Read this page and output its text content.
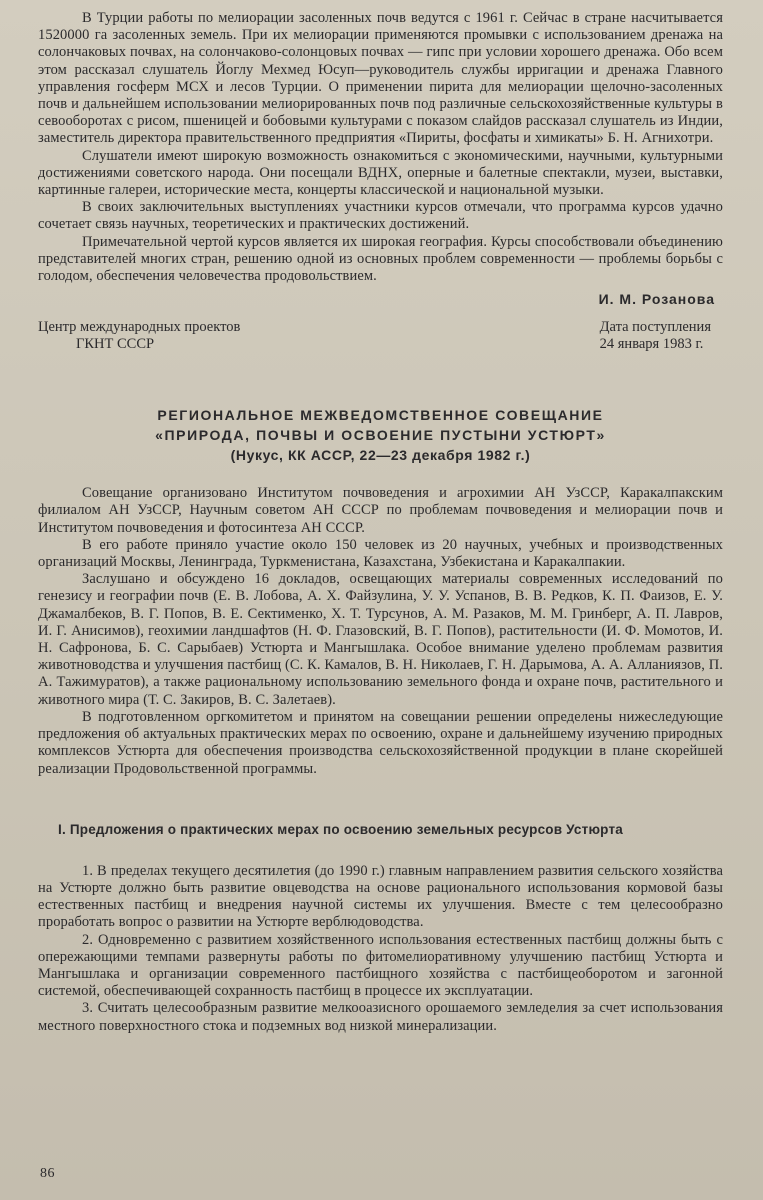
В Турции работы по мелиорации засоленных почв ведутся с 1961 г. Сейчас в стране насчитывается 1520000 га засоленных земель. При их мелиорации применяются промывки с использованием дренажа на солончаковых почвах, на солончаково-солонцовых почвах — гипс при условии хорошего дренажа. Обо всем этом рассказал слушатель Йоглу Мехмед Юсуп—руководитель службы ирригации и дренажа Главного управления госферм МСХ и лесов Турции. О применении пирита для мелиорации щелочно-засоленных почв и дальнейшем использовании мелиорированных почв под различные сельскохозяйственные культуры в севооборотах с рисом, пшеницей и бобовыми культурами с показом слайдов рассказал слушатель из Индии, заместитель директора правительственного предприятия «Пириты, фосфаты и химикаты» Б. Н. Агнихотри.

Слушатели имеют широкую возможность ознакомиться с экономическими, научными, культурными достижениями советского народа. Они посещали ВДНХ, оперные и балетные спектакли, музеи, выставки, картинные галереи, исторические места, концерты классической и национальной музыки.

В своих заключительных выступлениях участники курсов отмечали, что программа курсов удачно сочетает связь научных, теоретических и практических достижений.

Примечательной чертой курсов является их широкая география. Курсы способствовали объединению представителей многих стран, решению одной из основных проблем современности — проблемы борьбы с голодом, обеспечения человечества продовольствием.

И. М. Розанова
Центр международных проектов
ГКНТ СССР
Дата поступления
24 января 1983 г.
РЕГИОНАЛЬНОЕ МЕЖВЕДОМСТВЕННОЕ СОВЕЩАНИЕ
«ПРИРОДА, ПОЧВЫ И ОСВОЕНИЕ ПУСТЫНИ УСТЮРТ»
(Нукус, КК АССР, 22—23 декабря 1982 г.)

Совещание организовано Институтом почвоведения и агрохимии АН УзССР, Каракалпакским филиалом АН УзССР, Научным советом АН СССР по проблемам почвоведения и мелиорации почв и Институтом почвоведения и фотосинтеза АН СССР.

В его работе приняло участие около 150 человек из 20 научных, учебных и производственных организаций Москвы, Ленинграда, Туркменистана, Казахстана, Узбекистана и Каракалпакии.

Заслушано и обсуждено 16 докладов, освещающих материалы современных исследований по генезису и географии почв (Е. В. Лобова, А. Х. Файзулина, У. У. Успанов, В. В. Редков, К. П. Фаизов, Е. У. Джамалбеков, В. Г. Попов, В. Е. Сектименко, Х. Т. Турсунов, А. М. Разаков, М. М. Гринберг, А. П. Лавров, И. Г. Анисимов), геохимии ландшафтов (Н. Ф. Глазовский, В. Г. Попов), растительности (И. Ф. Момотов, И. Н. Сафронова, Б. С. Сарыбаев) Устюрта и Мангышлака. Особое внимание уделено проблемам развития животноводства и улучшения пастбищ (С. К. Камалов, В. Н. Николаев, Г. Н. Дарымова, А. А. Алланиязов, П. А. Тажимуратов), а также рациональному использованию земельного фонда и охране почв, растительного и животного мира (Т. С. Закиров, В. С. Залетаев).

В подготовленном оргкомитетом и принятом на совещании решении определены нижеследующие предложения об актуальных практических мерах по освоению, охране и дальнейшему изучению природных комплексов Устюрта для обеспечения производства сельскохозяйственной продукции в плане скорейшей реализации Продовольственной программы.

I. Предложения о практических мерах по освоению земельных ресурсов Устюрта

1. В пределах текущего десятилетия (до 1990 г.) главным направлением развития сельского хозяйства на Устюрте должно быть развитие овцеводства на основе рационального использования кормовой базы естественных пастбищ и внедрения научной системы их улучшения. Вместе с тем целесообразно проработать вопрос о развитии на Устюрте верблюдоводства.

2. Одновременно с развитием хозяйственного использования естественных пастбищ должны быть с опережающими темпами развернуты работы по фитомелиоративному улучшению пастбищ Устюрта и Мангышлака и организации современного пастбищного хозяйства с пастбищеоборотом и загонной системой, обеспечивающей сохранность пастбищ в процессе их эксплуатации.

3. Считать целесообразным развитие мелкооазисного орошаемого земледелия за счет использования местного поверхностного стока и подземных вод низкой минерализации.

86
